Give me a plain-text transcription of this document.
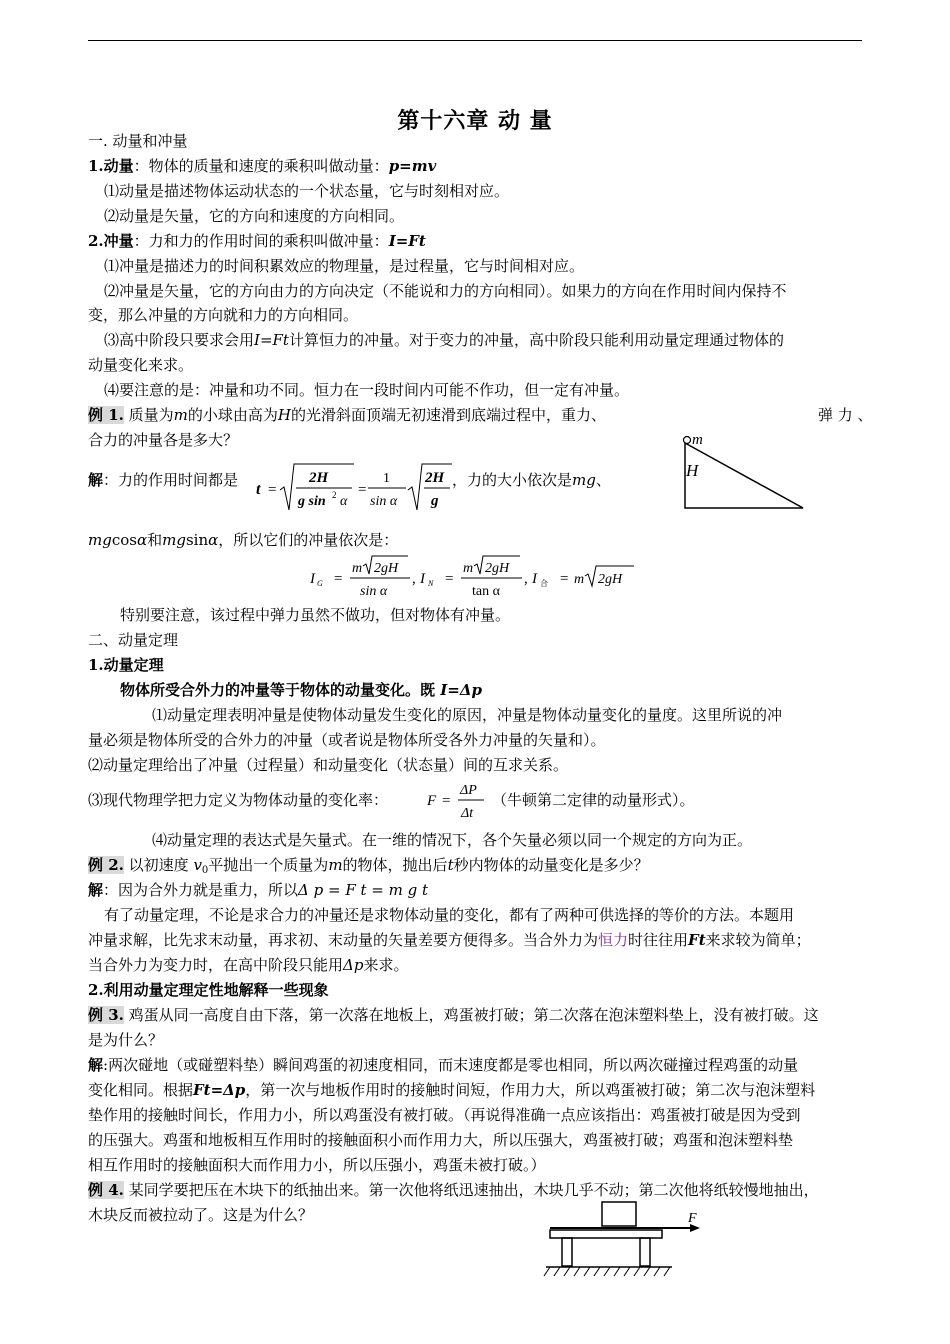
第十六章 动 量
一. 动量和冲量
1.动量：物体的质量和速度的乘积叫做动量：p=mv
⑴动量是描述物体运动状态的一个状态量，它与时刻相对应。
⑵动量是矢量，它的方向和速度的方向相同。
2.冲量：力和力的作用时间的乘积叫做冲量：I=Ft
⑴冲量是描述力的时间积累效应的物理量，是过程量，它与时间相对应。
⑵冲量是矢量，它的方向由力的方向决定（不能说和力的方向相同）。如果力的方向在作用时间内保持不
变，那么冲量的方向就和力的方向相同。
⑶高中阶段只要求会用I=Ft计算恒力的冲量。对于变力的冲量，高中阶段只能利用动量定理通过物体的
动量变化来求。
⑷要注意的是：冲量和功不同。恒力在一段时间内可能不作功，但一定有冲量。
例 1. 质量为m的小球由高为H的光滑斜面顶端无初速滑到底端过程中，重力、	弹 力 、
合力的冲量各是多大？	m
H
解：力的作用时间都是
t =
2H
g sin 2 α
=
1
sin α
2H
g
，力的大小依次是mg、
mgcosα和mgsinα，所以它们的冲量依次是：
I G =
m 2gH
sin α
, I N =
m 2gH
tan α
, I 合 = m 2gH
特别要注意，该过程中弹力虽然不做功，但对物体有冲量。
二、动量定理
1.动量定理
物体所受合外力的冲量等于物体的动量变化。既 I=Δp
⑴动量定理表明冲量是使物体动量发生变化的原因，冲量是物体动量变化的量度。这里所说的冲
量必须是物体所受的合外力的冲量（或者说是物体所受各外力冲量的矢量和）。
⑵动量定理给出了冲量（过程量）和动量变化（状态量）间的互求关系。
⑶现代物理学把力定义为物体动量的变化率：	F =
ΔP
Δt
（牛顿第二定律的动量形式）。
⑷动量定理的表达式是矢量式。在一维的情况下，各个矢量必须以同一个规定的方向为正。
例 2. 以初速度 $v_0$平抛出一个质量为m的物体，抛出后t秒内物体的动量变化是多少？
解：因为合外力就是重力，所以Δ p = F t = m g t
有了动量定理，不论是求合力的冲量还是求物体动量的变化，都有了两种可供选择的等价的方法。本题用
冲量求解，比先求末动量，再求初、末动量的矢量差要方便得多。当合外力为恒力时往往用Ft来求较为简单；
当合外力为变力时，在高中阶段只能用Δp来求。
2.利用动量定理定性地解释一些现象
例 3. 鸡蛋从同一高度自由下落，第一次落在地板上，鸡蛋被打破；第二次落在泡沫塑料垫上，没有被打破。这
是为什么？
解:两次碰地（或碰塑料垫）瞬间鸡蛋的初速度相同，而末速度都是零也相同，所以两次碰撞过程鸡蛋的动量
变化相同。根据Ft=Δp，第一次与地板作用时的接触时间短，作用力大，所以鸡蛋被打破；第二次与泡沫塑料
垫作用的接触时间长，作用力小，所以鸡蛋没有被打破。（再说得准确一点应该指出：鸡蛋被打破是因为受到
的压强大。鸡蛋和地板相互作用时的接触面积小而作用力大，所以压强大，鸡蛋被打破；鸡蛋和泡沫塑料垫
相互作用时的接触面积大而作用力小，所以压强小，鸡蛋未被打破。）
例 4. 某同学要把压在木块下的纸抽出来。第一次他将纸迅速抽出，木块几乎不动；第二次他将纸较慢地抽出，
木块反而被拉动了。这是为什么？	F
